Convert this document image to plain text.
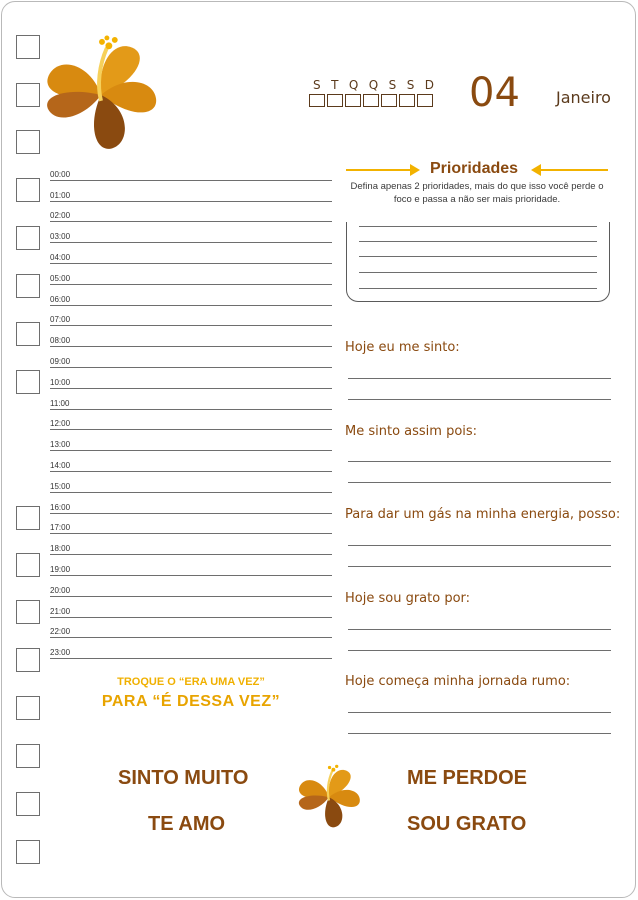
S T Q Q S S D 04 Janeiro
00:00
01:00
02:00
03:00
04:00
05:00
06:00
07:00
08:00
09:00
10:00
11:00
12:00
13:00
14:00
15:00
16:00
17:00
18:00
19:00
20:00
21:00
22:00
23:00
Prioridades
Defina apenas 2 prioridades, mais do que isso você perde o foco e passa a não ser mais prioridade.
Hoje eu me sinto:
Me sinto assim pois:
Para dar um gás na minha energia, posso:
Hoje sou grato por:
Hoje começa minha jornada rumo:
TROQUE O “ERA UMA VEZ”
PARA “É DESSA VEZ”
SINTO MUITO	ME PERDOE
TE AMO	SOU GRATO
